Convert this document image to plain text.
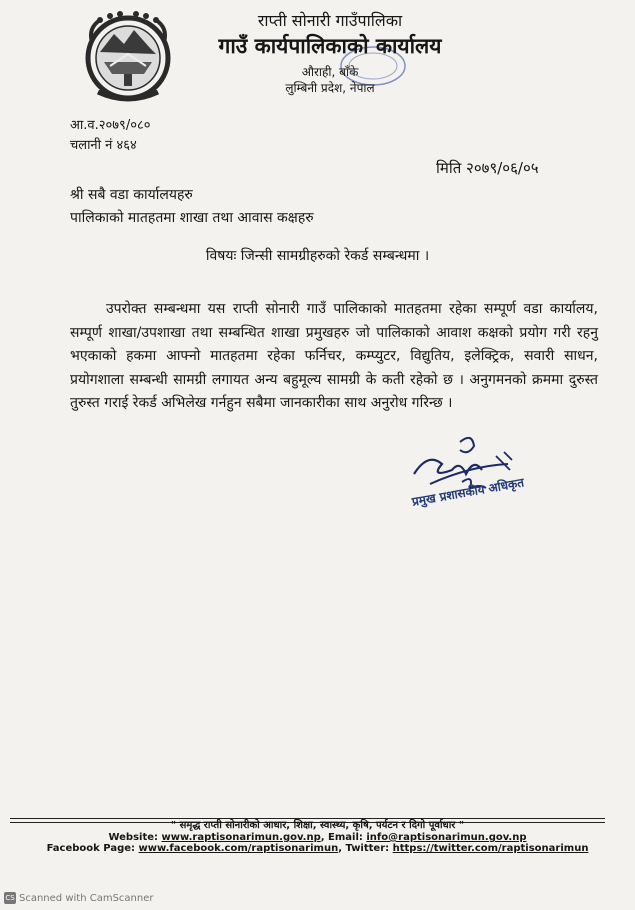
राप्ती सोनारी गाउँपालिका
गाउँ कार्यपालिकाको कार्यालय
औराही, बाँके
लुम्बिनी प्रदेश, नेपाल
आ.व.२०७९/०८०
चलानी नं ४६४
मिति २०७९/०६/०५
श्री सबै वडा कार्यालयहरु
पालिकाको मातहतमा शाखा तथा आवास कक्षहरु
विषयः जिन्सी सामग्रीहरुको रेकर्ड सम्बन्धमा ।

उपरोक्त सम्बन्धमा यस राप्ती सोनारी गाउँ पालिकाको मातहतमा रहेका सम्पूर्ण वडा कार्यालय, सम्पूर्ण शाखा/उपशाखा तथा सम्बन्धित शाखा प्रमुखहरु जो पालिकाको आवाश कक्षको प्रयोग गरी रहनु भएकाको हकमा आफ्नो मातहतमा रहेका फर्निचर, कम्प्युटर, विद्युतिय, इलेक्ट्रिक, सवारी साधन, प्रयोगशाला सम्बन्धी सामग्री लगायत अन्य बहुमूल्य सामग्री के कती रहेको छ । अनुगमनको क्रममा दुरुस्त तुरुस्त गराई रेकर्ड अभिलेख गर्नहुन सबैमा जानकारीका साथ अनुरोध गरिन्छ ।

प्रमुख प्रशासकीय अधिकृत
" समृद्ध राप्ती सोनारीको आधार, शिक्षा, स्वास्थ्य, कृषि, पर्यटन र दिगो पूर्वाधार "
Website: www.raptisonarimun.gov.np, Email: info@raptisonarimun.gov.np
Facebook Page: www.facebook.com/raptisonarimun, Twitter: https://twitter.com/raptisonarimun
CS Scanned with CamScanner
